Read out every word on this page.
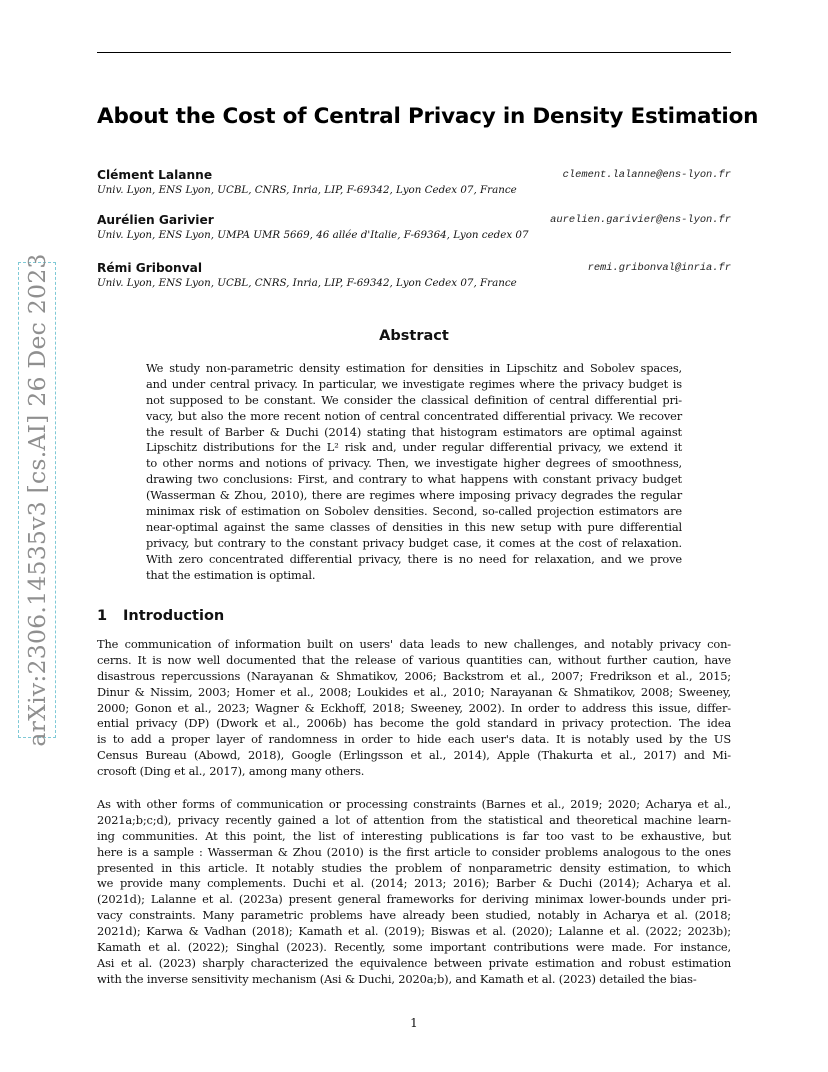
arXiv:2306.14535v3 [cs.AI] 26 Dec 2023
About the Cost of Central Privacy in Density Estimation
Clément Lalanne	clement.lalanne@ens-lyon.fr
Univ. Lyon, ENS Lyon, UCBL, CNRS, Inria, LIP, F-69342, Lyon Cedex 07, France
Aurélien Garivier	aurelien.garivier@ens-lyon.fr
Univ. Lyon, ENS Lyon, UMPA UMR 5669, 46 allée d'Italie, F-69364, Lyon cedex 07
Rémi Gribonval	remi.gribonval@inria.fr
Univ. Lyon, ENS Lyon, UCBL, CNRS, Inria, LIP, F-69342, Lyon Cedex 07, France
Abstract
We study non-parametric density estimation for densities in Lipschitz and Sobolev spaces,
and under central privacy. In particular, we investigate regimes where the privacy budget is
not supposed to be constant. We consider the classical definition of central differential pri-
vacy, but also the more recent notion of central concentrated differential privacy. We recover
the result of Barber & Duchi (2014) stating that histogram estimators are optimal against
Lipschitz distributions for the L² risk and, under regular differential privacy, we extend it
to other norms and notions of privacy. Then, we investigate higher degrees of smoothness,
drawing two conclusions: First, and contrary to what happens with constant privacy budget
(Wasserman & Zhou, 2010), there are regimes where imposing privacy degrades the regular
minimax risk of estimation on Sobolev densities. Second, so-called projection estimators are
near-optimal against the same classes of densities in this new setup with pure differential
privacy, but contrary to the constant privacy budget case, it comes at the cost of relaxation.
With zero concentrated differential privacy, there is no need for relaxation, and we prove
that the estimation is optimal.
1 Introduction
The communication of information built on users' data leads to new challenges, and notably privacy con-
cerns. It is now well documented that the release of various quantities can, without further caution, have
disastrous repercussions (Narayanan & Shmatikov, 2006; Backstrom et al., 2007; Fredrikson et al., 2015;
Dinur & Nissim, 2003; Homer et al., 2008; Loukides et al., 2010; Narayanan & Shmatikov, 2008; Sweeney,
2000; Gonon et al., 2023; Wagner & Eckhoff, 2018; Sweeney, 2002). In order to address this issue, differ-
ential privacy (DP) (Dwork et al., 2006b) has become the gold standard in privacy protection. The idea
is to add a proper layer of randomness in order to hide each user's data. It is notably used by the US
Census Bureau (Abowd, 2018), Google (Erlingsson et al., 2014), Apple (Thakurta et al., 2017) and Mi-
crosoft (Ding et al., 2017), among many others.
As with other forms of communication or processing constraints (Barnes et al., 2019; 2020; Acharya et al.,
2021a;b;c;d), privacy recently gained a lot of attention from the statistical and theoretical machine learn-
ing communities. At this point, the list of interesting publications is far too vast to be exhaustive, but
here is a sample : Wasserman & Zhou (2010) is the first article to consider problems analogous to the ones
presented in this article. It notably studies the problem of nonparametric density estimation, to which
we provide many complements. Duchi et al. (2014; 2013; 2016); Barber & Duchi (2014); Acharya et al.
(2021d); Lalanne et al. (2023a) present general frameworks for deriving minimax lower-bounds under pri-
vacy constraints. Many parametric problems have already been studied, notably in Acharya et al. (2018;
2021d); Karwa & Vadhan (2018); Kamath et al. (2019); Biswas et al. (2020); Lalanne et al. (2022; 2023b);
Kamath et al. (2022); Singhal (2023). Recently, some important contributions were made. For instance,
Asi et al. (2023) sharply characterized the equivalence between private estimation and robust estimation
with the inverse sensitivity mechanism (Asi & Duchi, 2020a;b), and Kamath et al. (2023) detailed the bias-
1
